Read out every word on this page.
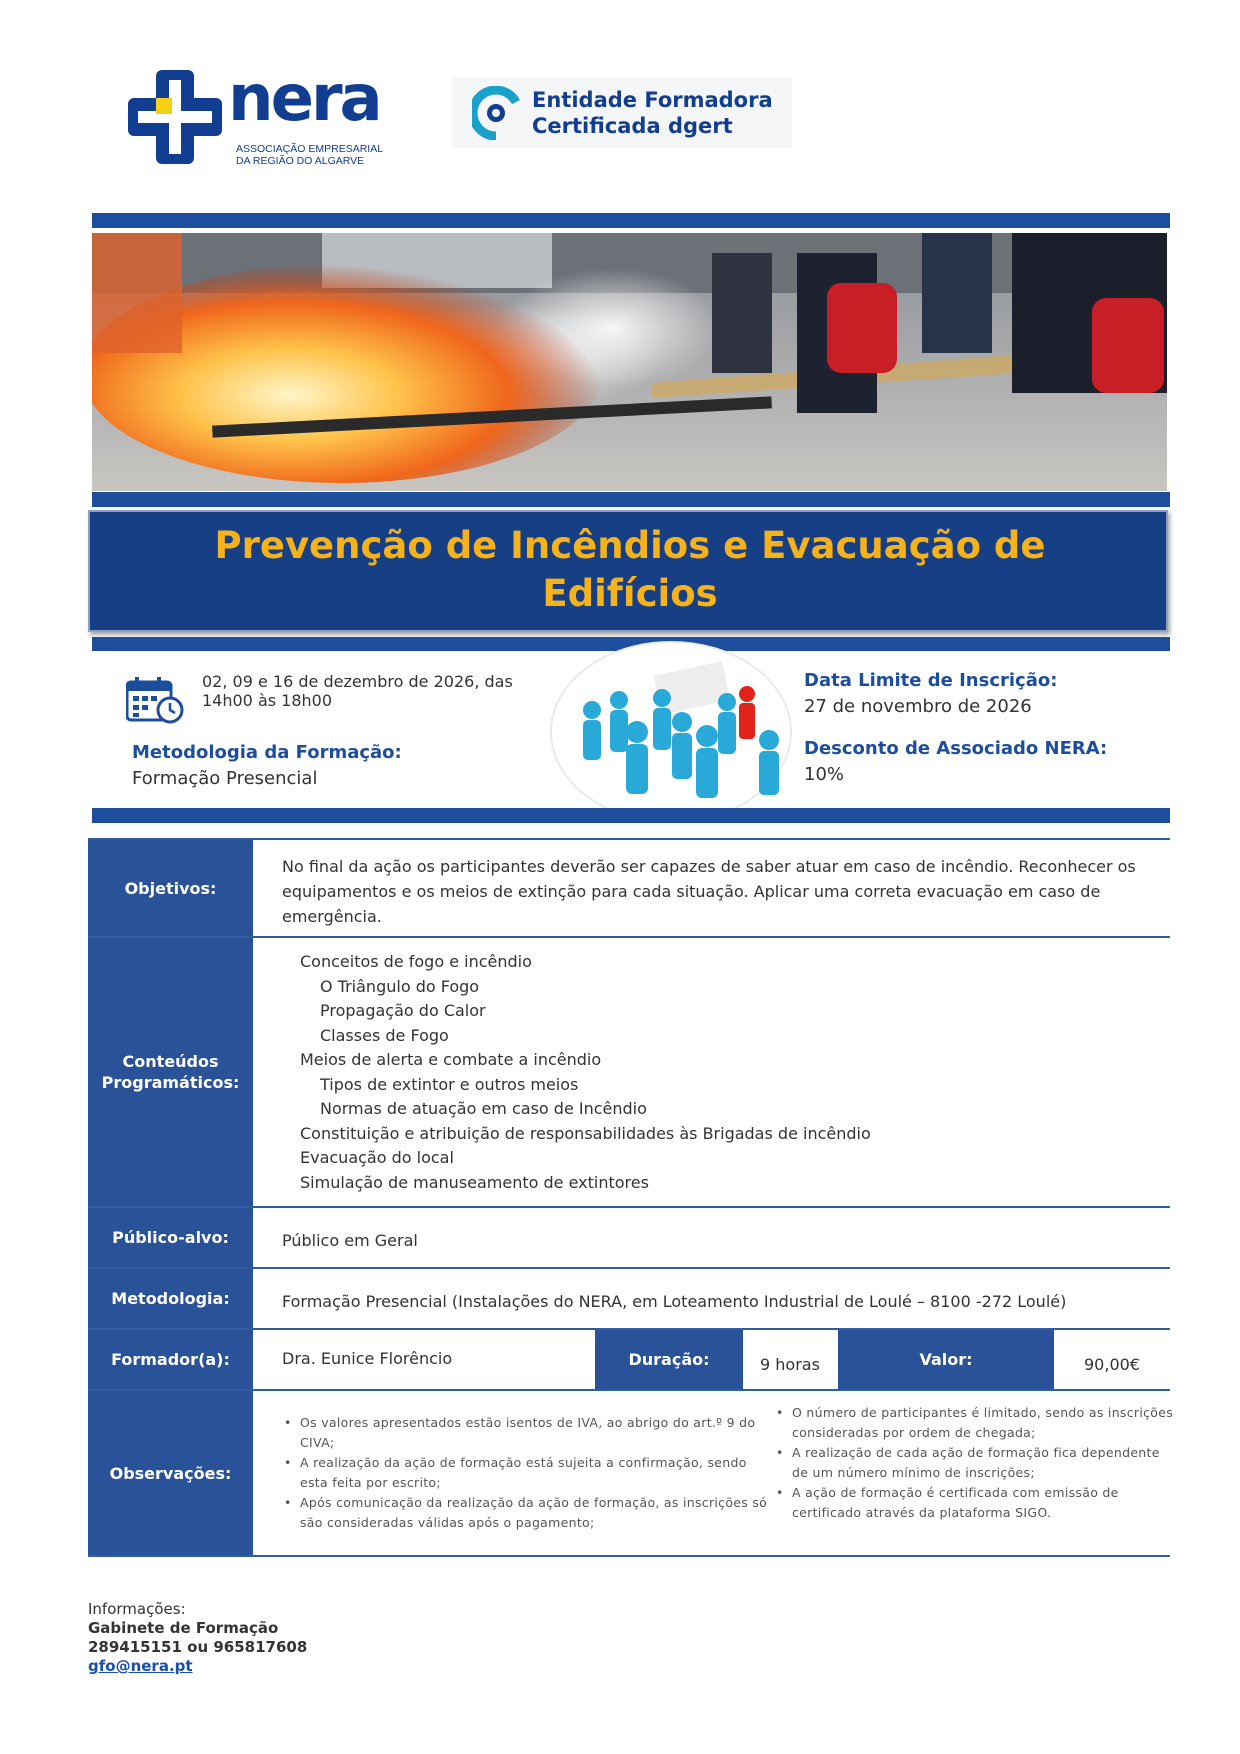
nera
ASSOCIAÇÃO EMPRESARIAL
DA REGIÃO DO ALGARVE
Entidade Formadora
Certificada dgert
Prevenção de Incêndios e Evacuação de
Edifícios
02, 09 e 16 de dezembro de 2026, das
14h00 às 18h00
Metodologia da Formação:
Formação Presencial
Data Limite de Inscrição:
27 de novembro de 2026
Desconto de Associado NERA:
10%
Objetivos:
No final da ação os participantes deverão ser capazes de saber atuar em caso de incêndio. Reconhecer os
equipamentos e os meios de extinção para cada situação. Aplicar uma correta evacuação em caso de
emergência.
Conteúdos
Programáticos:
Conceitos de fogo e incêndio
O Triângulo do Fogo
Propagação do Calor
Classes de Fogo
Meios de alerta e combate a incêndio
Tipos de extintor e outros meios
Normas de atuação em caso de Incêndio
Constituição e atribuição de responsabilidades às Brigadas de incêndio
Evacuação do local
Simulação de manuseamento de extintores
Público-alvo:	Público em Geral
Metodologia:	Formação Presencial (Instalações do NERA, em Loteamento Industrial de Loulé – 8100 -272 Loulé)
Formador(a):	Dra. Eunice Florêncio	Duração:	9 horas	Valor:	90,00€
Observações:
• Os valores apresentados estão isentos de IVA, ao abrigo do art.º 9 do
CIVA;
• A realização da ação de formação está sujeita a confirmação, sendo
esta feita por escrito;
• Após comunicação da realização da ação de formação, as inscrições só
são consideradas válidas após o pagamento;
• O número de participantes é limitado, sendo as inscrições
consideradas por ordem de chegada;
• A realização de cada ação de formação fica dependente
de um número mínimo de inscrições;
• A ação de formação é certificada com emissão de
certificado através da plataforma SIGO.
Informações:
Gabinete de Formação
289415151 ou 965817608
gfo@nera.pt
